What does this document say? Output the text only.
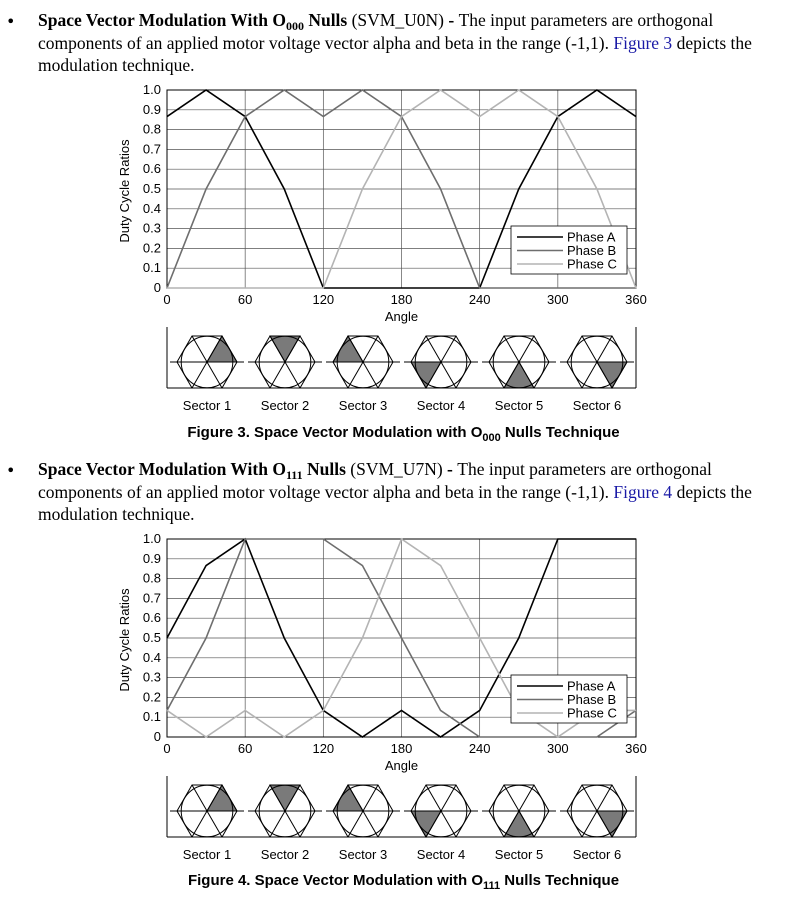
• Space Vector Modulation With $O_{000}$ Nulls (SVM_U0N) - The input parameters are orthogonal components of an applied motor voltage vector alpha and beta in the range (-1,1). Figure 3 depicts the modulation technique.
0
0.1
0.2
0.3
0.4
0.5
0.6
0.7
0.8
0.9
1.0
0	60	120	180	240	300	360
Angle
Duty Cycle Ratios	Phase A
Phase B
Phase C
Sector 1 Sector 2 Sector 3 Sector 4 Sector 5 Sector 6
Figure 3. Space Vector Modulation with $O_{000}$ Nulls Technique
• Space Vector Modulation With $O_{111}$ Nulls (SVM_U7N) - The input parameters are orthogonal components of an applied motor voltage vector alpha and beta in the range (-1,1). Figure 4 depicts the modulation technique.
0
0.1
0.2
0.3
0.4
0.5
0.6
0.7
0.8
0.9
1.0
0	60	120	180	240	300	360
Angle
Duty Cycle Ratios	Phase A
Phase B
Phase C
Sector 1 Sector 2 Sector 3 Sector 4 Sector 5 Sector 6
Figure 4. Space Vector Modulation with $O_{111}$ Nulls Technique
